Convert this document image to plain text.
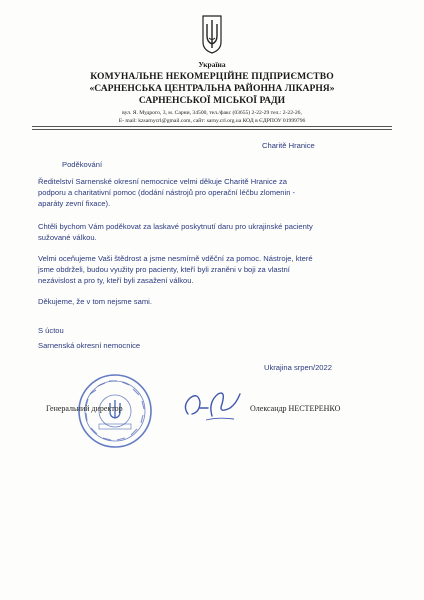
Україна
КОМУНАЛЬНЕ НЕКОМЕРЦІЙНЕ ПІДПРИЄМСТВО
«САРНЕНСЬКА ЦЕНТРАЛЬНА РАЙОННА ЛІКАРНЯ»
САРНЕНСЬКОЇ МІСЬКОЇ РАДИ
вул. Я. Мудрого, 3, м. Сарни, 34500, тел./факс (03655) 2-22-29 тел.: 2-22-26,
E- mail: kzsarnycrl@gmail.com, сайт: sarny.crl.org.ua КОД в ЄДРПОУ 01999796
Charitě Hranice
Poděkování
Ředitelství Sarnenské okresní nemocnice velmi děkuje Charitě Hranice za
podporu a charitativní pomoc (dodání nástrojů pro operační léčbu zlomenin -
aparáty zevní fixace).
Chtěli bychom Vám poděkovat za laskavé poskytnutí daru pro ukrajinské pacienty
sužované válkou.
Velmi oceňujeme Vaši štědrost a jsme nesmírně vděční za pomoc. Nástroje, které
jsme obdrželi, budou využity pro pacienty, kteří byli zraněni v boji za vlastní
nezávislost a pro ty, kteří byli zasažení válkou.
Děkujeme, že v tom nejsme sami.
S úctou
Sarnenská okresní nemocnice
Ukrajina srpen/2022
Генеральний директор	Олександр НЕСТЕРЕНКО
